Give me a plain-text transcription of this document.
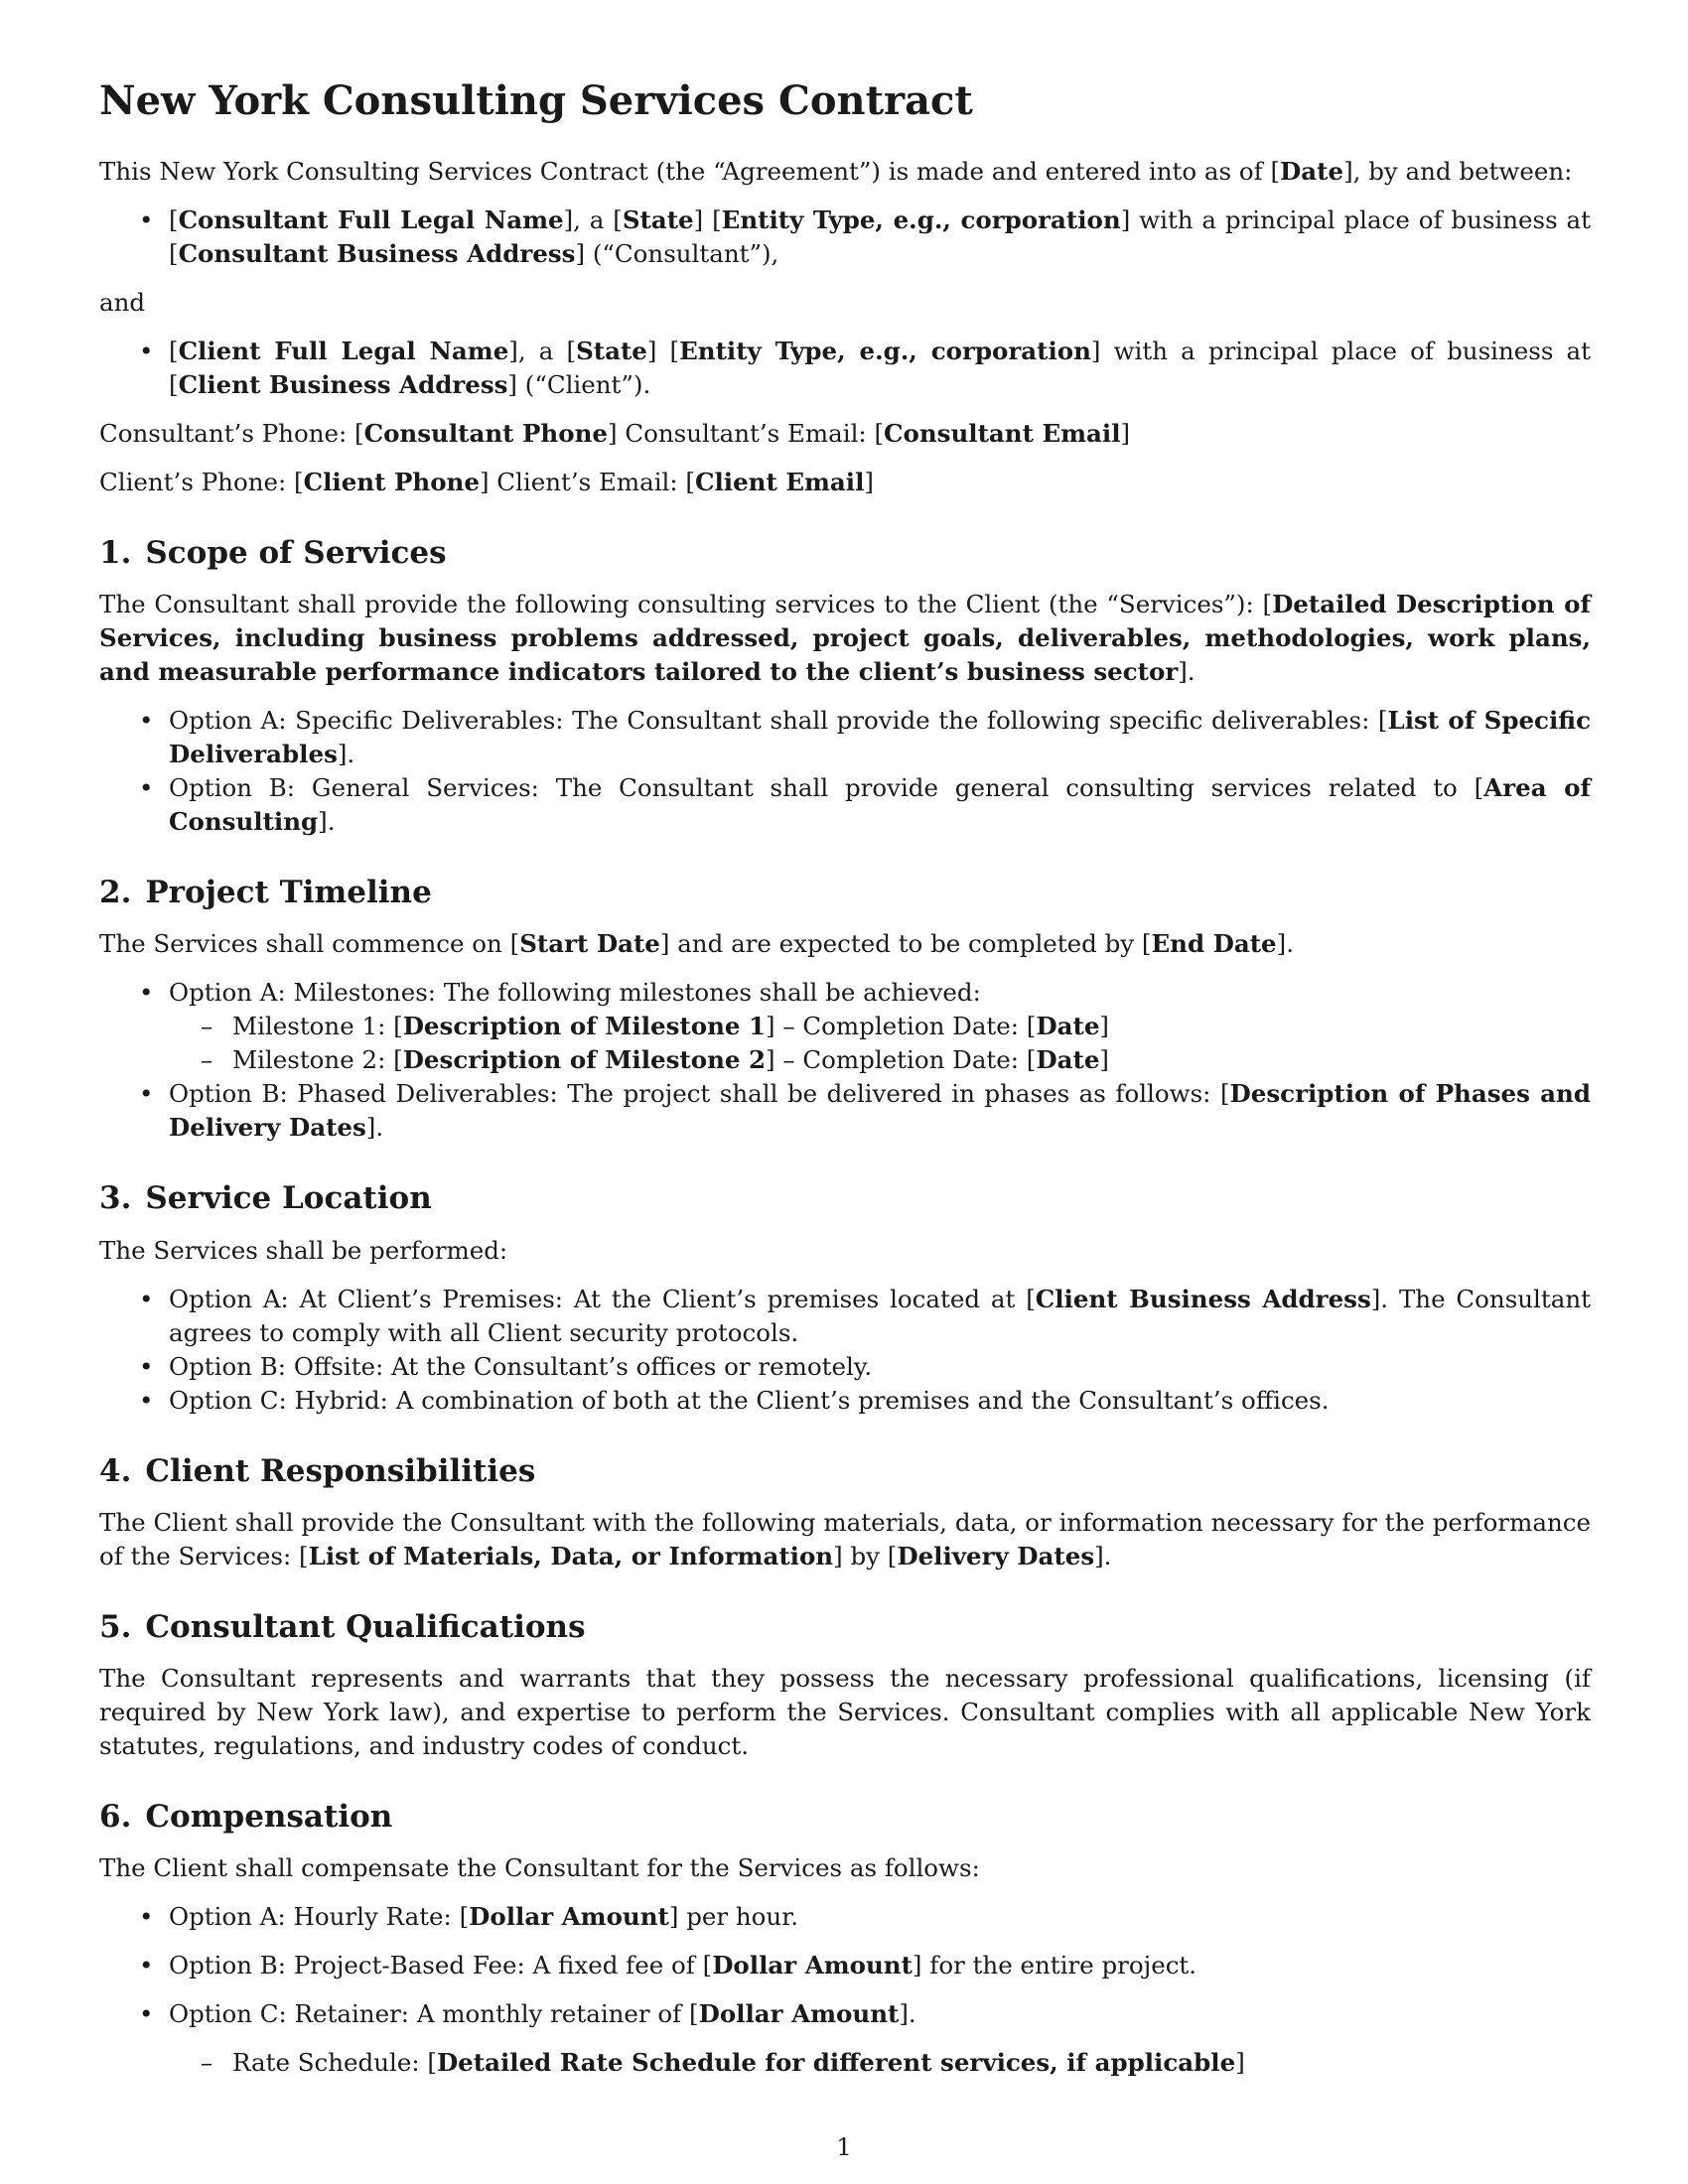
New York Consulting Services Contract

This New York Consulting Services Contract (the “Agreement”) is made and entered into as of [Date], by and between:

• [Consultant Full Legal Name], a [State] [Entity Type, e.g., corporation] with a principal place of business at [Consultant Business Address] (“Consultant”),

and

• [Client Full Legal Name], a [State] [Entity Type, e.g., corporation] with a principal place of business at [Client Business Address] (“Client”).

Consultant’s Phone: [Consultant Phone] Consultant’s Email: [Consultant Email]

Client’s Phone: [Client Phone] Client’s Email: [Client Email]

1. Scope of Services

The Consultant shall provide the following consulting services to the Client (the “Services”): [Detailed Description of Services, including business problems addressed, project goals, deliverables, methodologies, work plans, and measurable performance indicators tailored to the client’s business sector].

• Option A: Specific Deliverables: The Consultant shall provide the following specific deliverables: [List of Specific Deliverables].
• Option B: General Services: The Consultant shall provide general consulting services related to [Area of Consulting].
2. Project Timeline

The Services shall commence on [Start Date] and are expected to be completed by [End Date].

• Option A: Milestones: The following milestones shall be achieved:
– Milestone 1: [Description of Milestone 1] – Completion Date: [Date]
– Milestone 2: [Description of Milestone 2] – Completion Date: [Date]
• Option B: Phased Deliverables: The project shall be delivered in phases as follows: [Description of Phases and Delivery Dates].
3. Service Location

The Services shall be performed:

• Option A: At Client’s Premises: At the Client’s premises located at [Client Business Address]. The Consultant agrees to comply with all Client security protocols.
• Option B: Offsite: At the Consultant’s offices or remotely.
• Option C: Hybrid: A combination of both at the Client’s premises and the Consultant’s offices.
4. Client Responsibilities

The Client shall provide the Consultant with the following materials, data, or information necessary for the performance of the Services: [List of Materials, Data, or Information] by [Delivery Dates].

5. Consultant Qualifications

The Consultant represents and warrants that they possess the necessary professional qualifications, licensing (if required by New York law), and expertise to perform the Services. Consultant complies with all applicable New York statutes, regulations, and industry codes of conduct.

6. Compensation

The Client shall compensate the Consultant for the Services as follows:

• Option A: Hourly Rate: [Dollar Amount] per hour.
• Option B: Project-Based Fee: A fixed fee of [Dollar Amount] for the entire project.
• Option C: Retainer: A monthly retainer of [Dollar Amount].
– Rate Schedule: [Detailed Rate Schedule for different services, if applicable]
1
